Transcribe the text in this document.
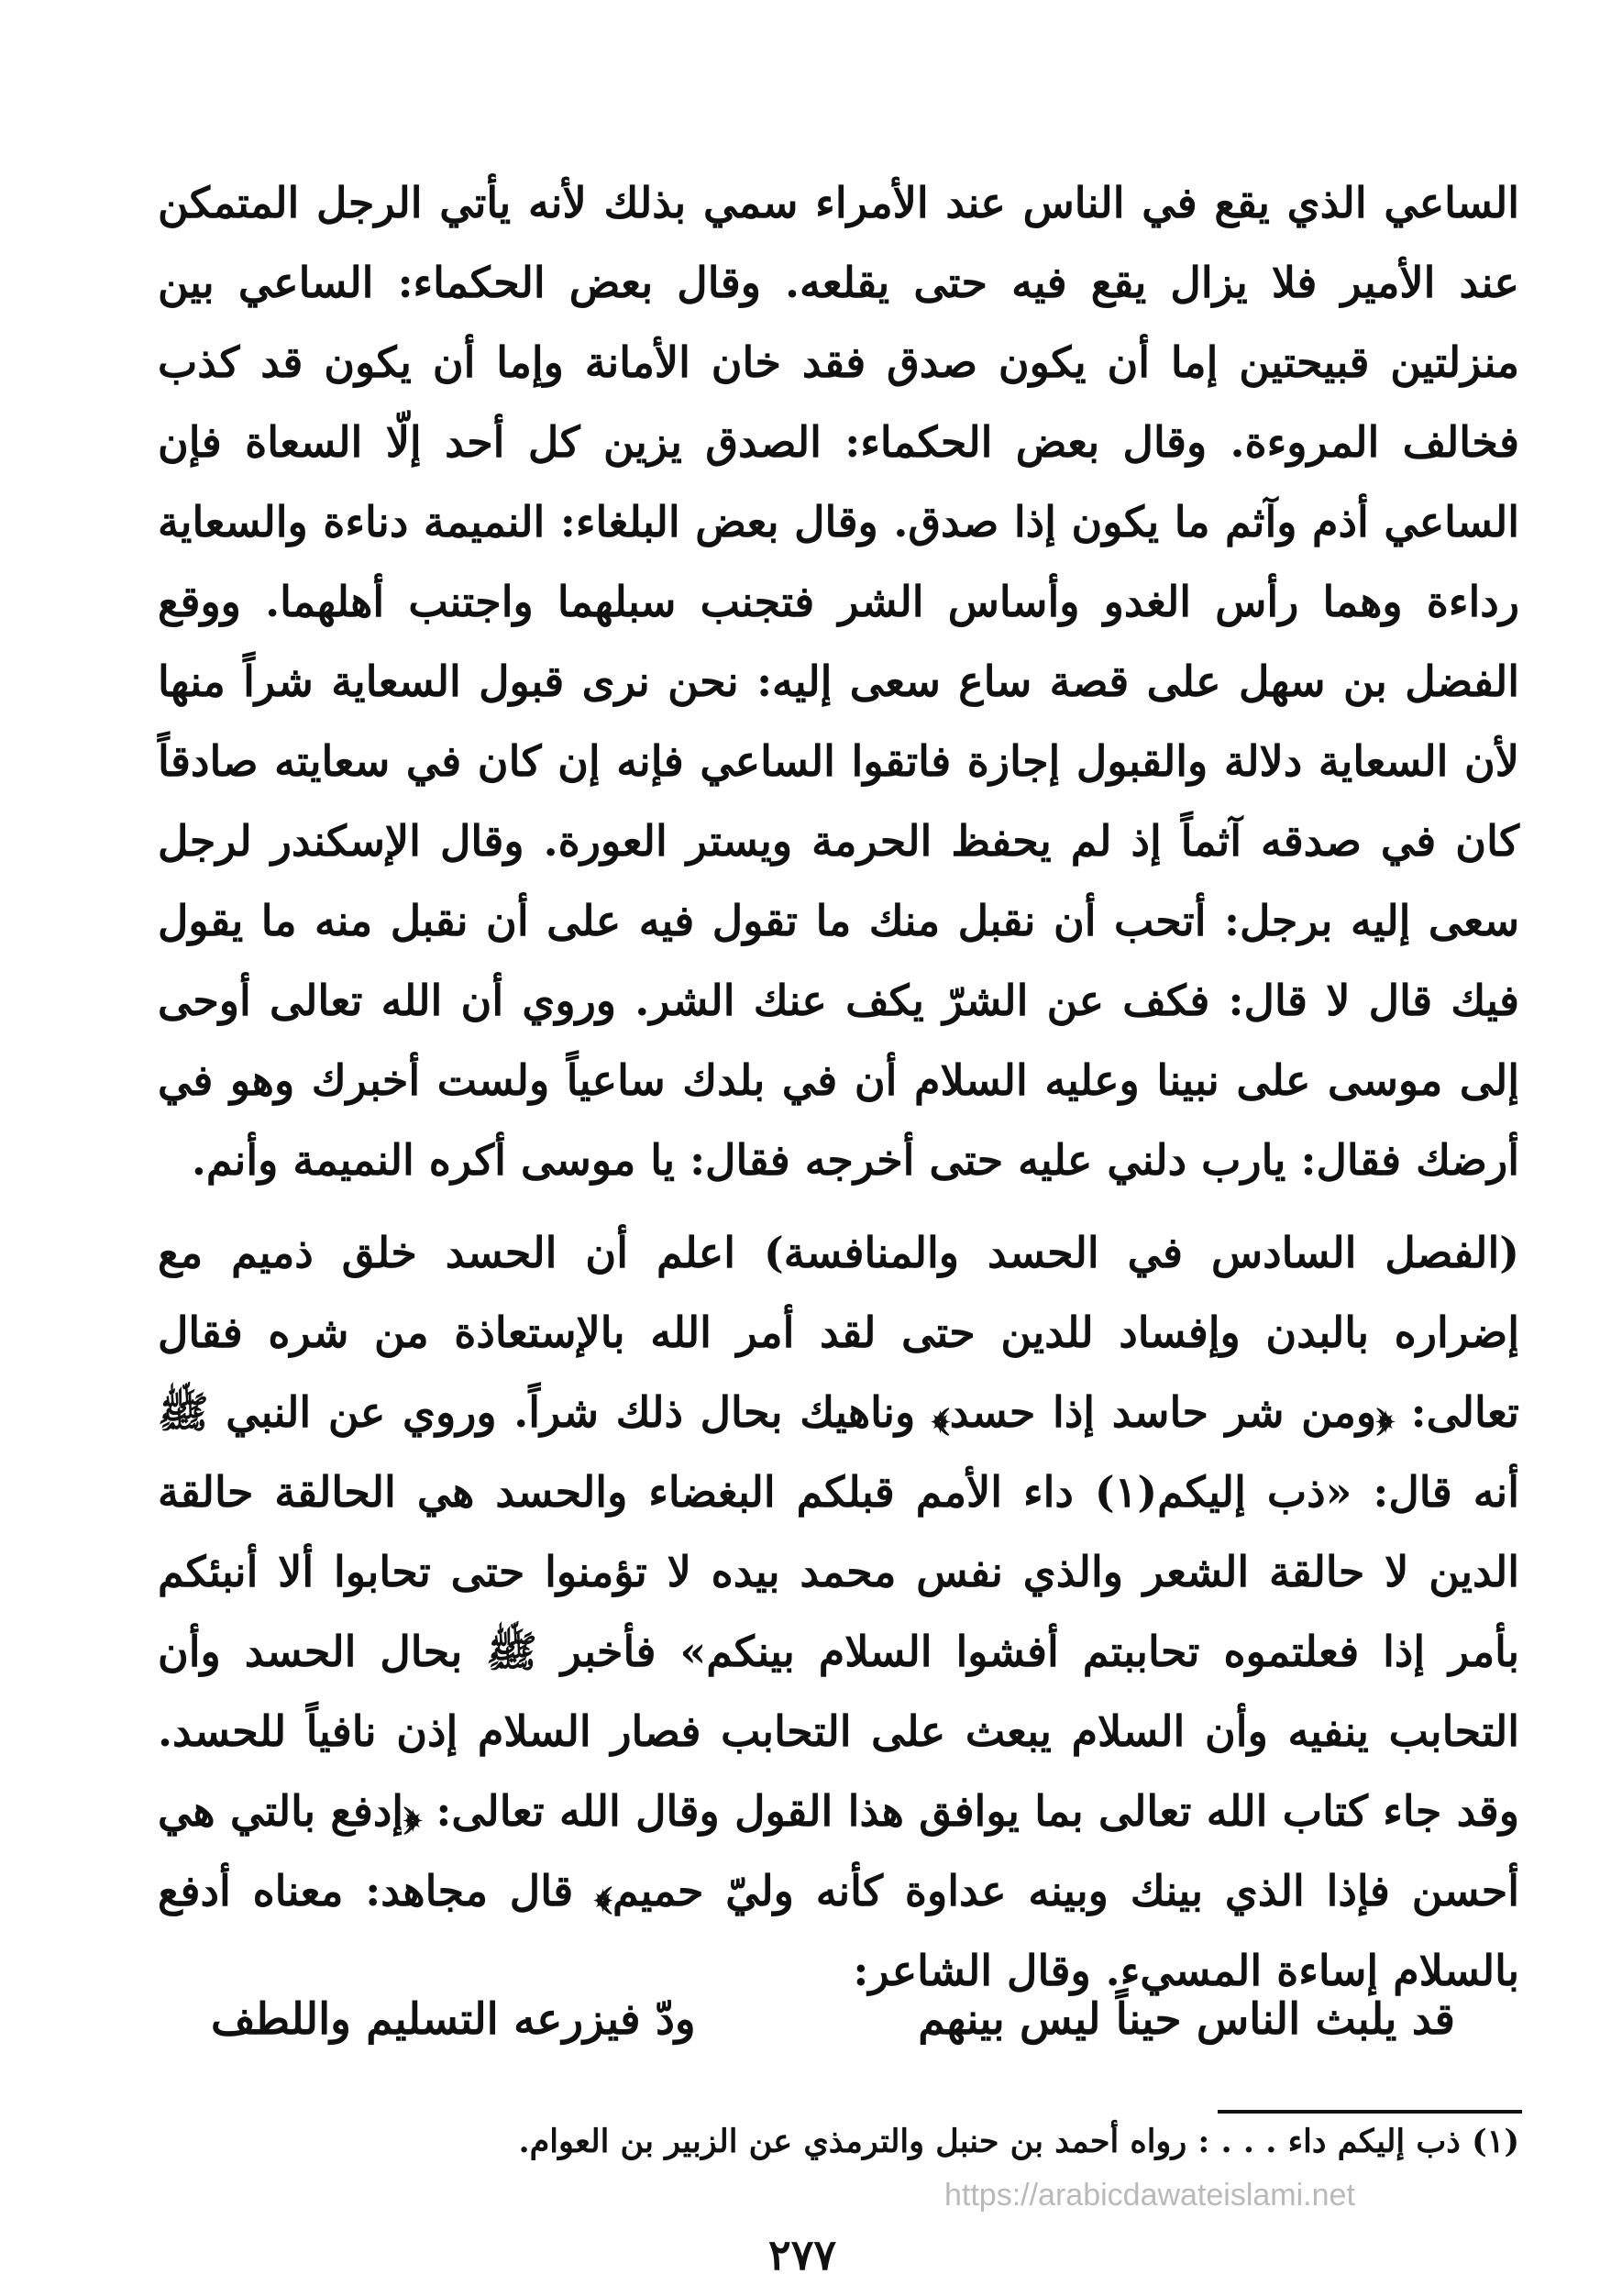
الساعي الذي يقع في الناس عند الأمراء سمي بذلك لأنه يأتي الرجل المتمكن عند الأمير فلا يزال يقع فيه حتى يقلعه. وقال بعض الحكماء: الساعي بين منزلتين قبيحتين إما أن يكون صدق فقد خان الأمانة وإما أن يكون قد كذب فخالف المروءة. وقال بعض الحكماء: الصدق يزين كل أحد إلّا السعاة فإن الساعي أذم وآثم ما يكون إذا صدق. وقال بعض البلغاء: النميمة دناءة والسعاية رداءة وهما رأس الغدو وأساس الشر فتجنب سبلهما واجتنب أهلهما. ووقع الفضل بن سهل على قصة ساع سعى إليه: نحن نرى قبول السعاية شراً منها لأن السعاية دلالة والقبول إجازة فاتقوا الساعي فإنه إن كان في سعايته صادقاً كان في صدقه آثماً إذ لم يحفظ الحرمة ويستر العورة. وقال الإسكندر لرجل سعى إليه برجل: أتحب أن نقبل منك ما تقول فيه على أن نقبل منه ما يقول فيك قال لا قال: فكف عن الشرّ يكف عنك الشر. وروي أن الله تعالى أوحى إلى موسى على نبينا وعليه السلام أن في بلدك ساعياً ولست أخبرك وهو في أرضك فقال: يارب دلني عليه حتى أخرجه فقال: يا موسى أكره النميمة وأنم.

(الفصل السادس في الحسد والمنافسة) اعلم أن الحسد خلق ذميم مع إضراره بالبدن وإفساد للدين حتى لقد أمر الله بالإستعاذة من شره فقال تعالى: ﴿ومن شر حاسد إذا حسد﴾ وناهيك بحال ذلك شراً. وروي عن النبي ﷺ أنه قال: «ذب إليكم(١) داء الأمم قبلكم البغضاء والحسد هي الحالقة حالقة الدين لا حالقة الشعر والذي نفس محمد بيده لا تؤمنوا حتى تحابوا ألا أنبئكم بأمر إذا فعلتموه تحاببتم أفشوا السلام بينكم» فأخبر ﷺ بحال الحسد وأن التحابب ينفيه وأن السلام يبعث على التحابب فصار السلام إذن نافياً للحسد. وقد جاء كتاب الله تعالى بما يوافق هذا القول وقال الله تعالى: ﴿إدفع بالتي هي أحسن فإذا الذي بينك وبينه عداوة كأنه وليّ حميم﴾ قال مجاهد: معناه أدفع بالسلام إساءة المسيء. وقال الشاعر:

قد يلبث الناس حيناً ليس بينهم
ودّ فيزرعه التسليم واللطف
(١) ذب إليكم داء . . . : رواه أحمد بن حنبل والترمذي عن الزبير بن العوام.
https://arabicdawateislami.net
٢٧٧
